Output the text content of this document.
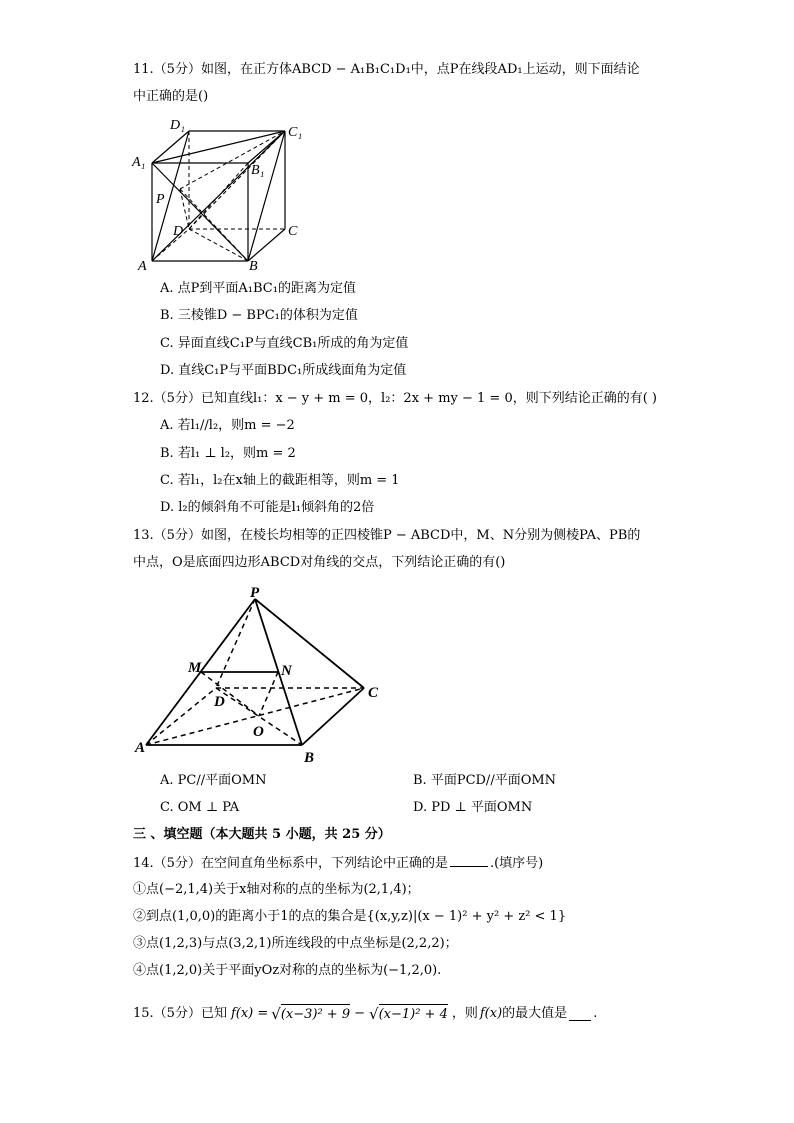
11.（5分）如图，在正方体ABCD − A₁B₁C₁D₁中，点P在线段AD₁上运动，则下面结论
中正确的是()
D₁	C₁
A₁
B₁
P
D	C
A	B
A. 点P到平面A₁BC₁的距离为定值
B. 三棱锥D − BPC₁的体积为定值
C. 异面直线C₁P与直线CB₁所成的角为定值
D. 直线C₁P与平面BDC₁所成线面角为定值
12.（5分）已知直线l₁：x − y + m = 0，l₂：2x + my − 1 = 0，则下列结论正确的有( )
A. 若l₁//l₂，则m = −2
B. 若l₁ ⊥ l₂，则m = 2
C. 若l₁，l₂在x轴上的截距相等，则m = 1
D. l₂的倾斜角不可能是l₁倾斜角的2倍
13.（5分）如图，在棱长均相等的正四棱锥P − ABCD中，M、N分别为侧棱PA、PB的
中点，O是底面四边形ABCD对角线的交点，下列结论正确的有()
P
M	N
D
C
O
A
B
A. PC//平面OMN	B. 平面PCD//平面OMN
C. OM ⊥ PA	D. PD ⊥ 平面OMN
三 、填空题（本大题共 5 小题，共 25 分）
14.（5分）在空间直角坐标系中，下列结论中正确的是	.(填序号)
①点(−2,1,4)关于x轴对称的点的坐标为(2,1,4)；
②到点(1,0,0)的距离小于1的点的集合是{(x,y,z)|(x − 1)² + y² + z² < 1}
③点(1,2,3)与点(3,2,1)所连线段的中点坐标是(2,2,2)；
④点(1,2,0)关于平面yOz对称的点的坐标为(−1,2,0).
15.（5分）已知 f(x) = √ (x−3)² + 9 − √ (x−1)² + 4 ，则 f(x) 的最大值是 .
